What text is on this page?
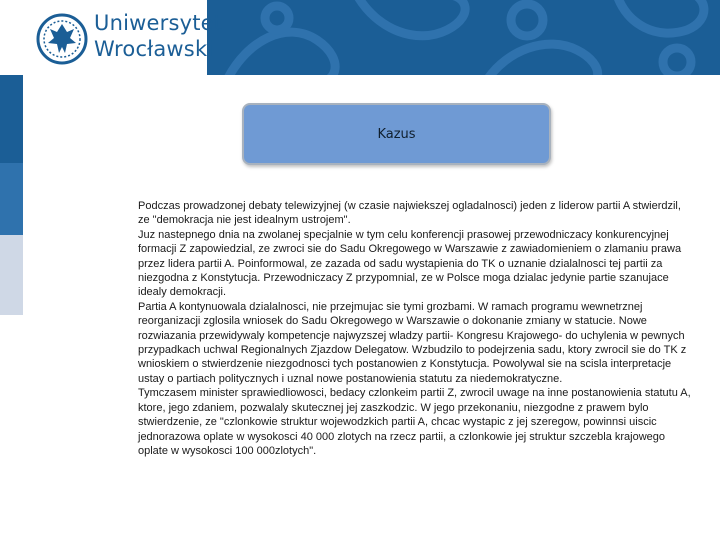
Uniwersytet
Wrocławski
Kazus

Podczas prowadzonej debaty telewizyjnej (w czasie najwiekszej ogladalnosci) jeden z liderow partii A stwierdzil, ze "demokracja nie jest idealnym ustrojem".

Juz nastepnego dnia na zwolanej specjalnie w tym celu konferencji prasowej przewodniczacy konkurencyjnej formacji Z zapowiedzial, ze zwroci sie do Sadu Okregowego w Warszawie z zawiadomieniem o zlamaniu prawa przez lidera partii A. Poinformowal, ze zazada od sadu wystapienia do TK o uznanie dzialalnosci tej partii za niezgodna z Konstytucja. Przewodniczacy Z przypomnial, ze w Polsce moga dzialac jedynie partie szanujace idealy demokracji.

Partia A kontynuowala dzialalnosci, nie przejmujac sie tymi grozbami. W ramach programu wewnetrznej reorganizacji zglosila wniosek do Sadu Okregowego w Warszawie o dokonanie zmiany w statucie. Nowe rozwiazania przewidywaly kompetencje najwyzszej wladzy partii- Kongresu Krajowego- do uchylenia w pewnych przypadkach uchwal Regionalnych Zjazdow Delegatow. Wzbudzilo to podejrzenia sadu, ktory zwrocil sie do TK z wnioskiem o stwierdzenie niezgodnosci tych postanowien z Konstytucja. Powolywal sie na scisla interpretacje ustay o partiach politycznych i uznal nowe postanowienia statutu za niedemokratyczne.

Tymczasem minister sprawiedliowosci, bedacy czlonkeim partii Z, zwrocil uwage na inne postanowienia statutu A, ktore, jego zdaniem, pozwalaly skutecznej jej zaszkodzic. W jego przekonaniu, niezgodne z prawem bylo stwierdzenie, ze "czlonkowie struktur wojewodzkich partii A, chcac wystapic z jej szeregow, powinnsi uiscic jednorazowa oplate w wysokosci 40 000 zlotych na rzecz partii, a czlonkowie jej struktur szczebla krajowego oplate w wysokosci 100 000zlotych".
